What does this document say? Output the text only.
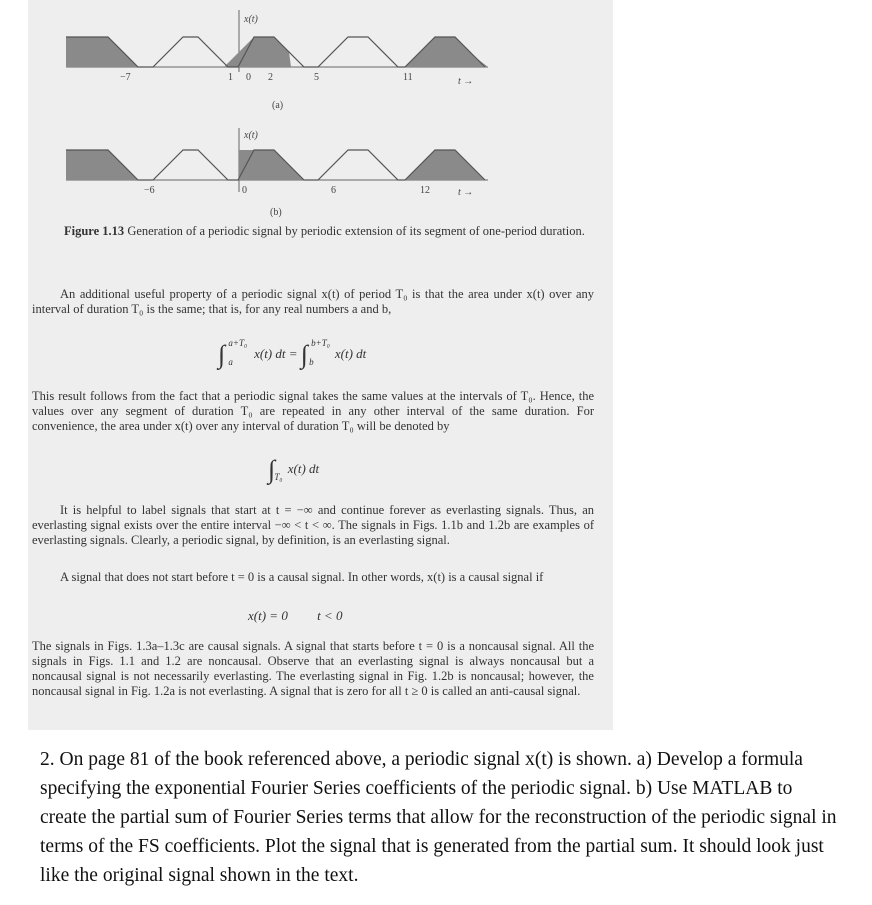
x(t)
−7	1 0 2	5	11	t →
(a)
x(t)
−6	0	6	12	t →
(b)
Figure 1.13 Generation of a periodic signal by periodic extension of its segment of one-period duration.
An additional useful property of a periodic signal x(t) of period T₀ is that the area under x(t) over any interval of duration T₀ is the same; that is, for any real numbers a and b,
∫ $^{a+T_0}$ $_a$ x(t) dt = ∫ $^{b+T_0}$ $_b$ x(t) dt
This result follows from the fact that a periodic signal takes the same values at the intervals of T₀. Hence, the values over any segment of duration T₀ are repeated in any other interval of the same duration. For convenience, the area under x(t) over any interval of duration T₀ will be denoted by
∫ $_{T_0}$ x(t) dt
It is helpful to label signals that start at t = −∞ and continue forever as everlasting signals. Thus, an everlasting signal exists over the entire interval −∞ < t < ∞. The signals in Figs. 1.1b and 1.2b are examples of everlasting signals. Clearly, a periodic signal, by definition, is an everlasting signal.
A signal that does not start before t = 0 is a causal signal. In other words, x(t) is a causal signal if
x(t) = 0 t < 0
The signals in Figs. 1.3a–1.3c are causal signals. A signal that starts before t = 0 is a noncausal signal. All the signals in Figs. 1.1 and 1.2 are noncausal. Observe that an everlasting signal is always noncausal but a noncausal signal is not necessarily everlasting. The everlasting signal in Fig. 1.2b is noncausal; however, the noncausal signal in Fig. 1.2a is not everlasting. A signal that is zero for all t ≥ 0 is called an anti-causal signal.
2. On page 81 of the book referenced above, a periodic signal x(t) is shown. a) Develop a formula specifying the exponential Fourier Series coefficients of the periodic signal. b) Use MATLAB to create the partial sum of Fourier Series terms that allow for the reconstruction of the periodic signal in terms of the FS coefficients. Plot the signal that is generated from the partial sum. It should look just like the original signal shown in the text.
